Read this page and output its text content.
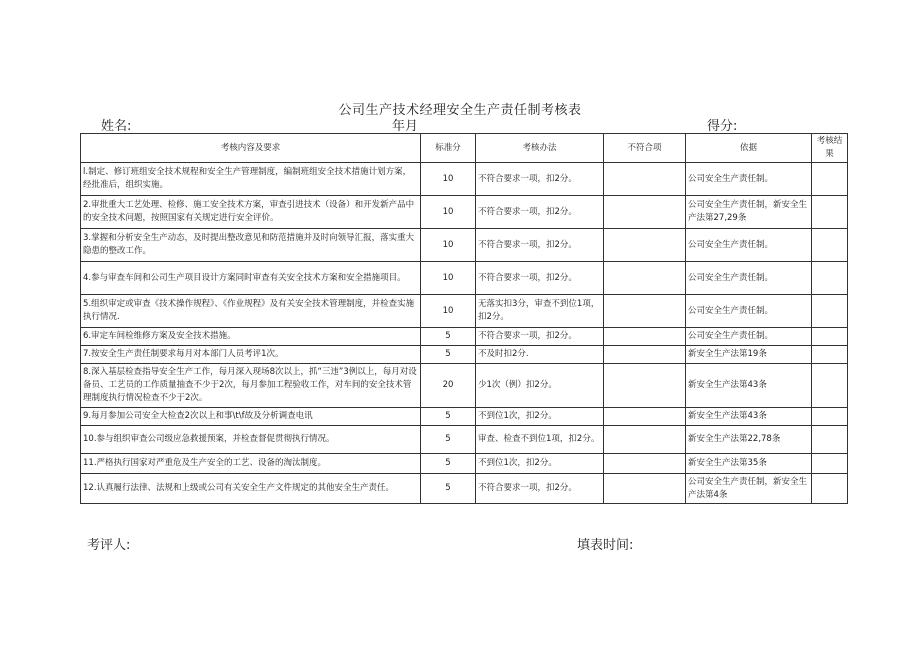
公司生产技术经理安全生产责任制考核表
姓名:	年月	得分:
考核内容及要求	标准分	考核办法	不符合项	依据	考核结果
l.制定、修订班组安全技术规程和安全生产管理制度，编制班组安全技术措施计划方案，经批准后，组织实施。	10	不符合要求一项，扣2分。		公司安全生产责任制。	
2.审批重大工艺处理、检修、施工安全技术方案，审查引进技术（设备）和开发新产品中的安全技术问题，按照国家有关规定进行安全评价。	10	不符合要求一项，扣2分。		公司安全生产责任制，新安全生产法第27,29条	
3.掌握和分析安全生产动态，及时提出整改意见和防范措施并及时向领导汇报，落实重大隐患的整改工作。	10	不符合要求一项，扣2分。		公司安全生产责任制。	
4.参与审查车间和公司生产项目设计方案同时审查有关安全技术方案和安全措施项目。	10	不符合要求一项，扣2分。		公司安全生产责任制。	
5.组织审定或审查《技术操作规程》、《作业规程》及有关安全技术管理制度，并检查实施执行情况.	10	无落实扣3分，审查不到位1项，扣2分。		公司安全生产责任制。	
6.审定车间检维修方案及安全技术措施。	5	不符合要求一项，扣2分。		公司安全生产责任制。	
7.按安全生产责任制要求每月对本部门人员考评1次。	5	不及时扣2分.		新安全生产法第19条	
8.深入基层检查指导安全生产工作，每月深入现场8次以上，抓“三违”3例以上，每月对设备员、工艺员的工作质量抽查不少于2次，每月参加工程验收工作，对车间的安全技术管理制度执行情况检查不少于2次。	20	少1次（例）扣2分。		新安全生产法第43条	
9.每月参加公司安全大检查2次以上和事\t\f故及分析调查电讯	5	不到位1次，扣2分。		新安全生产法第43条	
10.参与组织审查公司级应急救援预案，并检查督促贯彻执行情况。	5	审查、检查不到位1项，扣2分。		新安全生产法第22,78条	
11.严格执行国家对严重危及生产安全的工艺、设备的淘汰制度。	5	不到位1次，扣2分。		新安全生产法第35条	
12.认真履行法律、法规和上级或公司有关安全生产文件规定的其他安全生产责任。	5	不符合要求一项，扣2分。		公司安全生产责任制，新安全生产法第4条	
考评人:	填表时间:
